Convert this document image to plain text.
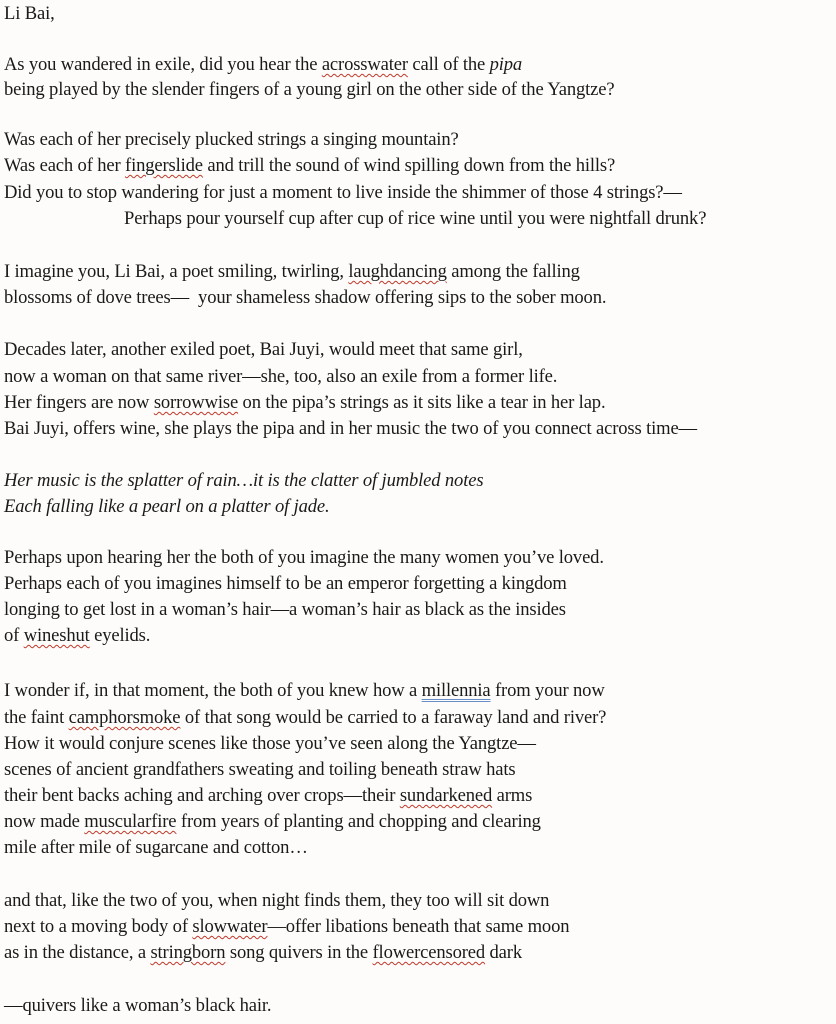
Li Bai,
As you wandered in exile, did you hear the acrosswater call of the pipa
being played by the slender fingers of a young girl on the other side of the Yangtze?
Was each of her precisely plucked strings a singing mountain?
Was each of her fingerslide and trill the sound of wind spilling down from the hills?
Did you to stop wandering for just a moment to live inside the shimmer of those 4 strings?—
Perhaps pour yourself cup after cup of rice wine until you were nightfall drunk?
I imagine you, Li Bai, a poet smiling, twirling, laughdancing among the falling
blossoms of dove trees—  your shameless shadow offering sips to the sober moon.
Decades later, another exiled poet, Bai Juyi, would meet that same girl,
now a woman on that same river—she, too, also an exile from a former life.
Her fingers are now sorrowwise on the pipa’s strings as it sits like a tear in her lap.
Bai Juyi, offers wine, she plays the pipa and in her music the two of you connect across time—
Her music is the splatter of rain…it is the clatter of jumbled notes
Each falling like a pearl on a platter of jade.
Perhaps upon hearing her the both of you imagine the many women you’ve loved.
Perhaps each of you imagines himself to be an emperor forgetting a kingdom
longing to get lost in a woman’s hair—a woman’s hair as black as the insides
of wineshut eyelids.
I wonder if, in that moment, the both of you knew how a millennia from your now
the faint camphorsmoke of that song would be carried to a faraway land and river?
How it would conjure scenes like those you’ve seen along the Yangtze—
scenes of ancient grandfathers sweating and toiling beneath straw hats
their bent backs aching and arching over crops—their sundarkened arms
now made muscularfire from years of planting and chopping and clearing
mile after mile of sugarcane and cotton…
and that, like the two of you, when night finds them, they too will sit down
next to a moving body of slowwater––offer libations beneath that same moon
as in the distance, a stringborn song quivers in the flowercensored dark
—quivers like a woman’s black hair.
